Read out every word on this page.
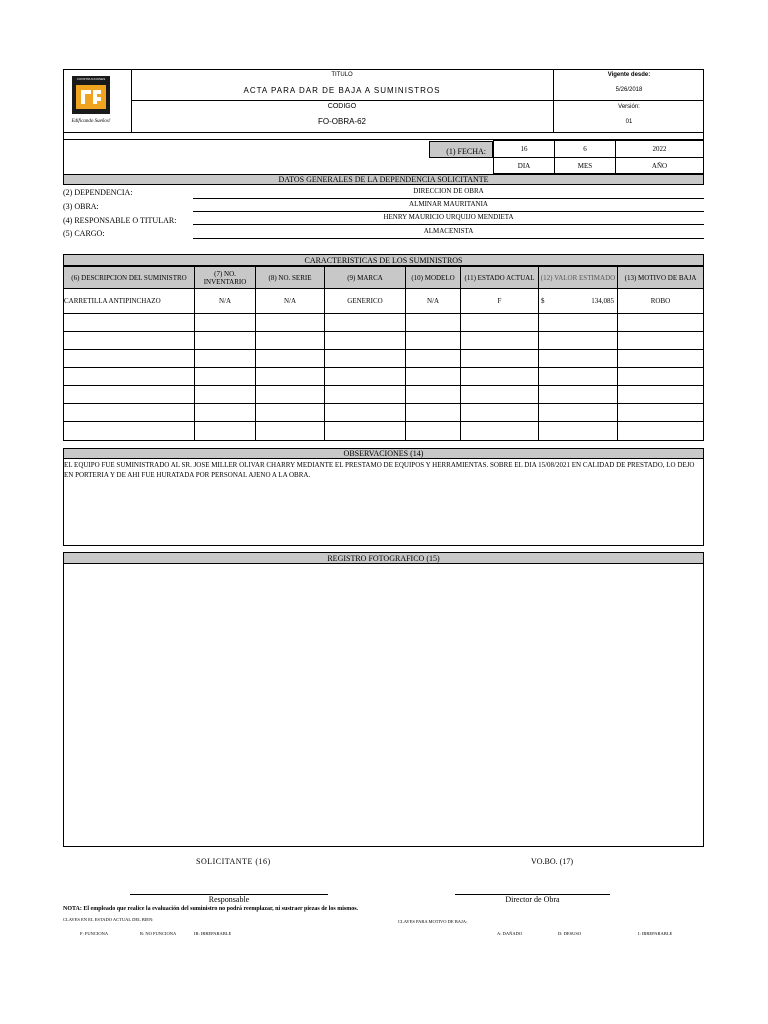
CONSTRUCCIONES
Edificando Sueños!
TITULO
ACTA PARA DAR DE BAJA A SUMINISTROS
CODIGO
FO-OBRA-62
Vigente desde:
5/26/2018
Versión:
01
(1) FECHA:	16	6	2022
DIA	MES	AÑO
DATOS GENERALES DE LA DEPENDENCIA SOLICITANTE
(2) DEPENDENCIA:	DIRECCION DE OBRA
(3) OBRA:	ALMINAR MAURITANIA
(4) RESPONSABLE O TITULAR:	HENRY MAURICIO URQUIJO MENDIETA
(5) CARGO:	ALMACENISTA
CARACTERISTICAS DE LOS SUMINISTROS
(6) DESCRIPCION DEL SUMINISTRO	(7) NO. INVENTARIO	(8) NO. SERIE	(9) MARCA	(10) MODELO	(11) ESTADO ACTUAL	(12) VALOR ESTIMADO	(13) MOTIVO DE BAJA
CARRETILLA ANTIPINCHAZO	N/A	N/A	GENERICO	N/A	F	$ 134,085	ROBO

OBSERVACIONES (14)
EL EQUIPO FUE SUMINISTRADO AL SR. JOSE MILLER OLIVAR CHARRY MEDIANTE EL PRESTAMO DE EQUIPOS Y HERRAMIENTAS. SOBRE EL DIA 15/08/2021 EN CALIDAD DE PRESTADO, LO DEJO EN PORTERIA Y DE AHI FUE HURATADA POR PERSONAL AJENO A LA OBRA.
REGISTRO FOTOGRAFICO (15)
SOLICITANTE (16)	VO.BO. (17)
Responsable	Director de Obra
NOTA: El empleado que realice la evaluación del suministro no podrá reemplazar, ni sustraer piezas de los mismos.
CLAVES EN EL ESTADO ACTUAL DEL BIEN:	CLAVES PARA MOTIVO DE BAJA:
F: FUNCIONA	R: NO FUNCIONA	IR: IRREPARABLE	A: DAÑADO	D: DESUSO	I: IRREPARABLE
